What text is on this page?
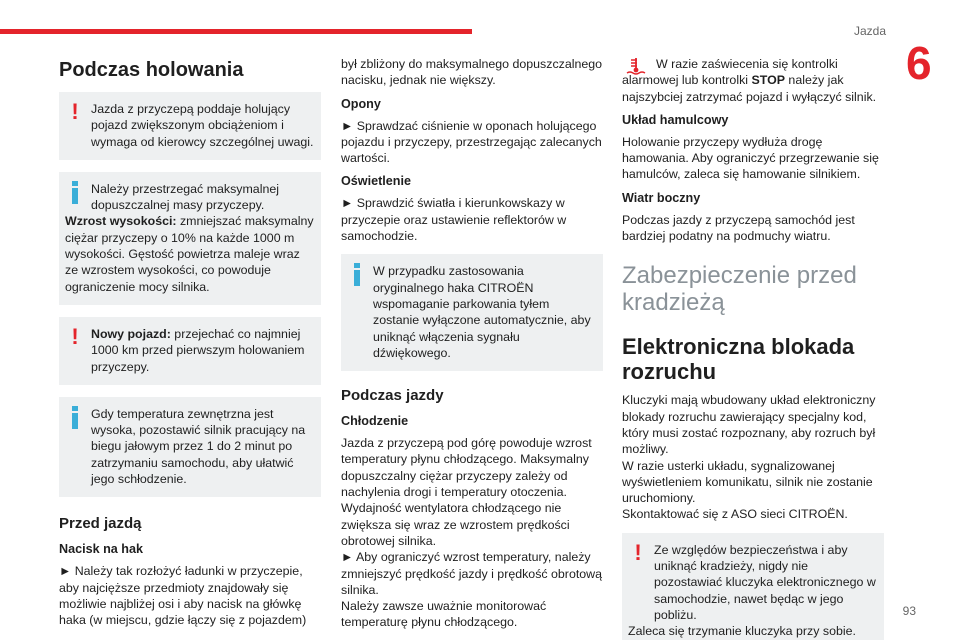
Jazda
6
93
Podczas holowania
! Jazda z przyczepą poddaje holujący pojazd zwiększonym obciążeniom i wymaga od kierowcy szczególnej uwagi.

Należy przestrzegać maksymalnej dopuszczalnej masy przyczepy.

Wzrost wysokości: zmniejszać maksymalny ciężar przyczepy o 10% na każde 1000 m wysokości. Gęstość powietrza maleje wraz ze wzrostem wysokości, co powoduje ograniczenie mocy silnika.

! Nowy pojazd: przejechać co najmniej 1000 km przed pierwszym holowaniem przyczepy.

Gdy temperatura zewnętrzna jest wysoka, pozostawić silnik pracujący na biegu jałowym przez 1 do 2 minut po zatrzymaniu samochodu, aby ułatwić jego schłodzenie.

Przed jazdą
Nacisk na hak

► Należy tak rozłożyć ładunki w przyczepie, aby najcięższe przedmioty znajdowały się możliwie najbliżej osi i aby nacisk na główkę haka (w miejscu, gdzie łączy się z pojazdem)

był zbliżony do maksymalnego dopuszczalnego nacisku, jednak nie większy.

Opony

► Sprawdzać ciśnienie w oponach holującego pojazdu i przyczepy, przestrzegając zalecanych wartości.

Oświetlenie

► Sprawdzić światła i kierunkowskazy w przyczepie oraz ustawienie reflektorów w samochodzie.

W przypadku zastosowania oryginalnego haka CITROËN wspomaganie parkowania tyłem zostanie wyłączone automatycznie, aby uniknąć włączenia sygnału dźwiękowego.

Podczas jazdy
Chłodzenie

Jazda z przyczepą pod górę powoduje wzrost temperatury płynu chłodzącego. Maksymalny dopuszczalny ciężar przyczepy zależy od nachylenia drogi i temperatury otoczenia. Wydajność wentylatora chłodzącego nie zwiększa się wraz ze wzrostem prędkości obrotowej silnika.

► Aby ograniczyć wzrost temperatury, należy zmniejszyć prędkość jazdy i prędkość obrotową silnika.

Należy zawsze uważnie monitorować temperaturę płynu chłodzącego.

W razie zaświecenia się kontrolki alarmowej lub kontrolki STOP należy jak najszybciej zatrzymać pojazd i wyłączyć silnik.

Układ hamulcowy

Holowanie przyczepy wydłuża drogę hamowania. Aby ograniczyć przegrzewanie się hamulców, zaleca się hamowanie silnikiem.

Wiatr boczny

Podczas jazdy z przyczepą samochód jest bardziej podatny na podmuchy wiatru.

Zabezpieczenie przed kradzieżą
Elektroniczna blokada rozruchu

Kluczyki mają wbudowany układ elektroniczny blokady rozruchu zawierający specjalny kod, który musi zostać rozpoznany, aby rozruch był możliwy.

W razie usterki układu, sygnalizowanej wyświetleniem komunikatu, silnik nie zostanie uruchomiony.

Skontaktować się z ASO sieci CITROËN.

! Ze względów bezpieczeństwa i aby uniknąć kradzieży, nigdy nie pozostawiać kluczyka elektronicznego w samochodzie, nawet będąc w jego pobliżu.

Zaleca się trzymanie kluczyka przy sobie.
